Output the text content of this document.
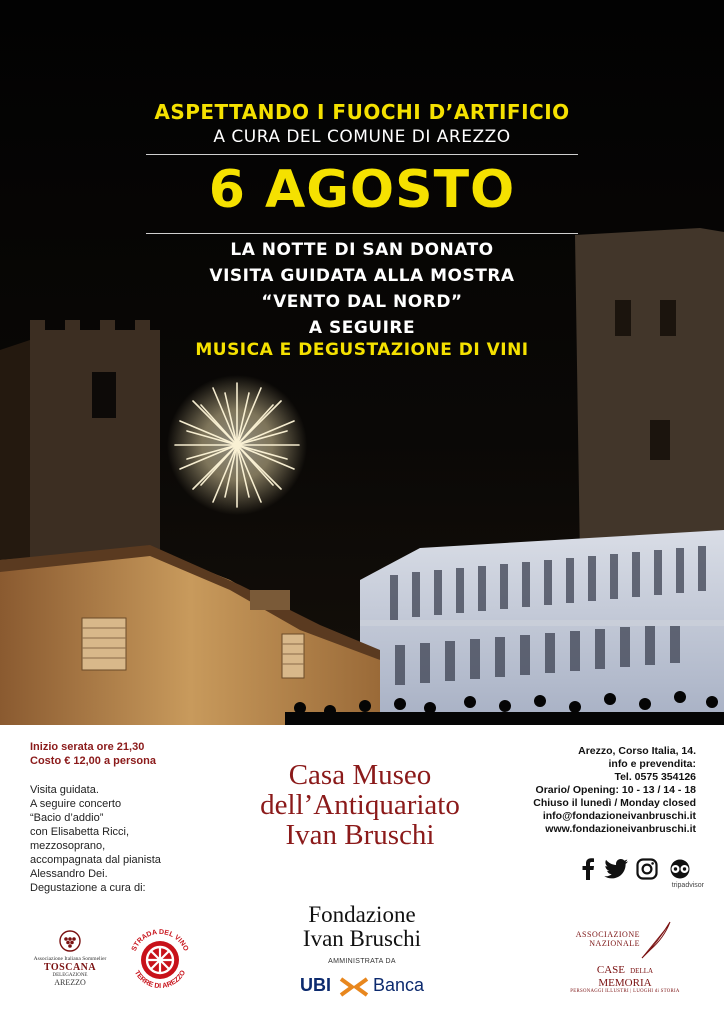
ASPETTANDO I FUOCHI D’ARTIFICIO
A CURA DEL COMUNE DI AREZZO
6 AGOSTO
LA NOTTE DI SAN DONATO
VISITA GUIDATA ALLA MOSTRA
“VENTO DAL NORD”
A SEGUIRE
MUSICA E DEGUSTAZIONE DI VINI
Inizio serata ore 21,30
Costo € 12,00 a persona
Visita guidata.
A seguire concerto
“Bacio d’addio”
con Elisabetta Ricci,
mezzosoprano,
accompagnata dal pianista
Alessandro Dei.
Degustazione a cura di:
Casa Museo
dell’Antiquariato
Ivan Bruschi
Arezzo, Corso Italia, 14.
info e prevendita:
Tel. 0575 354126
Orario/ Opening: 10 - 13 / 14 - 18
Chiuso il lunedì / Monday closed
info@fondazioneivanbruschi.it
www.fondazioneivanbruschi.it
tripadvisor
Fondazione
Ivan Bruschi
AMMINISTRATA DA
UBI Banca
Associazione Italiana Sommelier
TOSCANA
DELEGAZIONE
AREZZO
STRADA DEL VINO
TERRE DI AREZZO
ASSOCIAZIONE
NAZIONALE
CASE DELLA
MEMORIA
PERSONAGGI ILLUSTRI | LUOGHI di STORIA
